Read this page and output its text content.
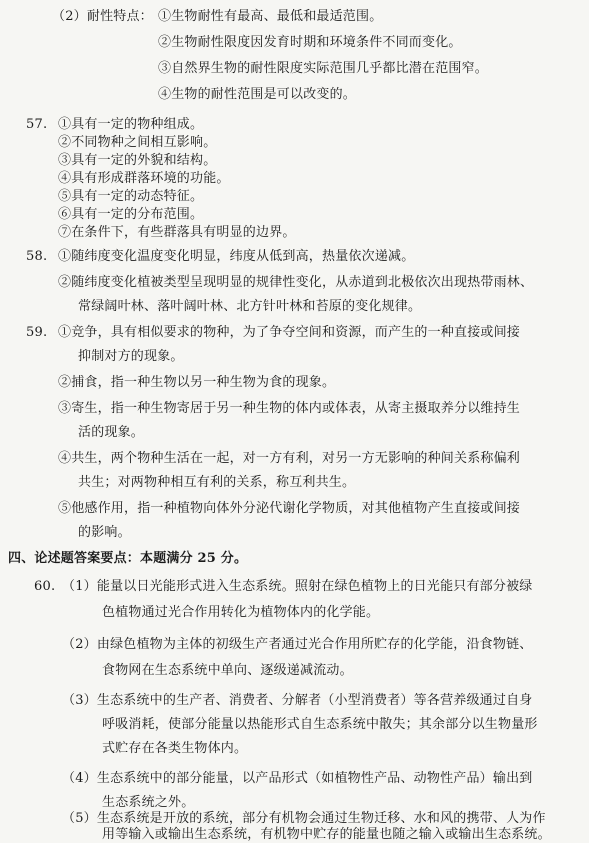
（2）耐性特点： ①生物耐性有最高、最低和最适范围。
②生物耐性限度因发育时期和环境条件不同而变化。
③自然界生物的耐性限度实际范围几乎都比潜在范围窄。
④生物的耐性范围是可以改变的。
57. ①具有一定的物种组成。
②不同物种之间相互影响。
③具有一定的外貌和结构。
④具有形成群落环境的功能。
⑤具有一定的动态特征。
⑥具有一定的分布范围。
⑦在条件下，有些群落具有明显的边界。
58. ①随纬度变化温度变化明显，纬度从低到高，热量依次递减。
②随纬度变化植被类型呈现明显的规律性变化，从赤道到北极依次出现热带雨林、
常绿阔叶林、落叶阔叶林、北方针叶林和苔原的变化规律。
59. ①竞争，具有相似要求的物种，为了争夺空间和资源，而产生的一种直接或间接
抑制对方的现象。
②捕食，指一种生物以另一种生物为食的现象。
③寄生，指一种生物寄居于另一种生物的体内或体表，从寄主摄取养分以维持生
活的现象。
④共生，两个物种生活在一起，对一方有利，对另一方无影响的种间关系称偏利
共生；对两物种相互有利的关系，称互利共生。
⑤他感作用，指一种植物向体外分泌代谢化学物质，对其他植物产生直接或间接
的影响。
四、论述题答案要点：本题满分 25 分。
60. （1）能量以日光能形式进入生态系统。照射在绿色植物上的日光能只有部分被绿
色植物通过光合作用转化为植物体内的化学能。
（2）由绿色植物为主体的初级生产者通过光合作用所贮存的化学能，沿食物链、
食物网在生态系统中单向、逐级递减流动。
（3）生态系统中的生产者、消费者、分解者（小型消费者）等各营养级通过自身
呼吸消耗，使部分能量以热能形式自生态系统中散失；其余部分以生物量形
式贮存在各类生物体内。
（4）生态系统中的部分能量，以产品形式（如植物性产品、动物性产品）输出到
生态系统之外。
（5）生态系统是开放的系统，部分有机物会通过生物迁移、水和风的携带、人为作
用等输入或输出生态系统，有机物中贮存的能量也随之输入或输出生态系统。
